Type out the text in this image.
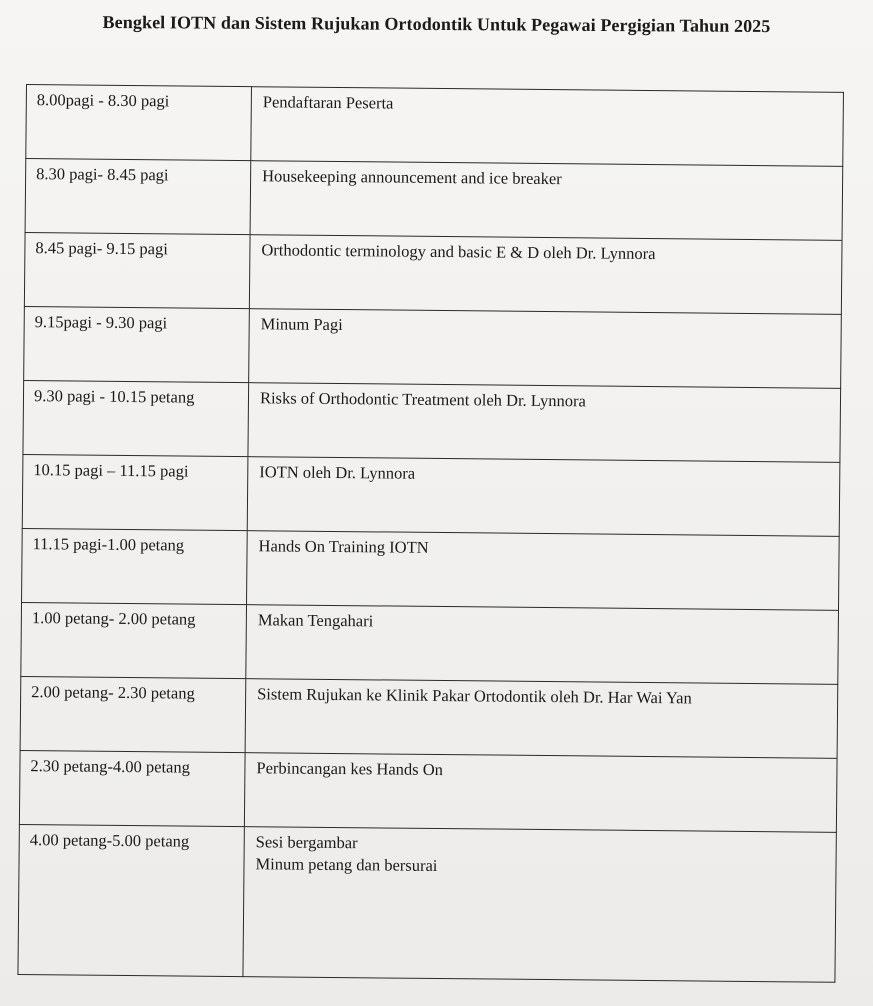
Bengkel IOTN dan Sistem Rujukan Ortodontik Untuk Pegawai Pergigian Tahun 2025
8.00pagi - 8.30 pagi	Pendaftaran Peserta

8.30 pagi- 8.45 pagi	Housekeeping announcement and ice breaker

8.45 pagi- 9.15 pagi	Orthodontic terminology and basic E & D oleh Dr. Lynnora

9.15pagi - 9.30 pagi	Minum Pagi

9.30 pagi - 10.15 petang	Risks of Orthodontic Treatment oleh Dr. Lynnora

10.15 pagi – 11.15 pagi	IOTN oleh Dr. Lynnora

11.15 pagi-1.00 petang	Hands On Training IOTN

1.00 petang- 2.00 petang	Makan Tengahari

2.00 petang- 2.30 petang	Sistem Rujukan ke Klinik Pakar Ortodontik oleh Dr. Har Wai Yan

2.30 petang-4.00 petang	Perbincangan kes Hands On

4.00 petang-5.00 petang	Sesi bergambar
Minum petang dan bersurai
